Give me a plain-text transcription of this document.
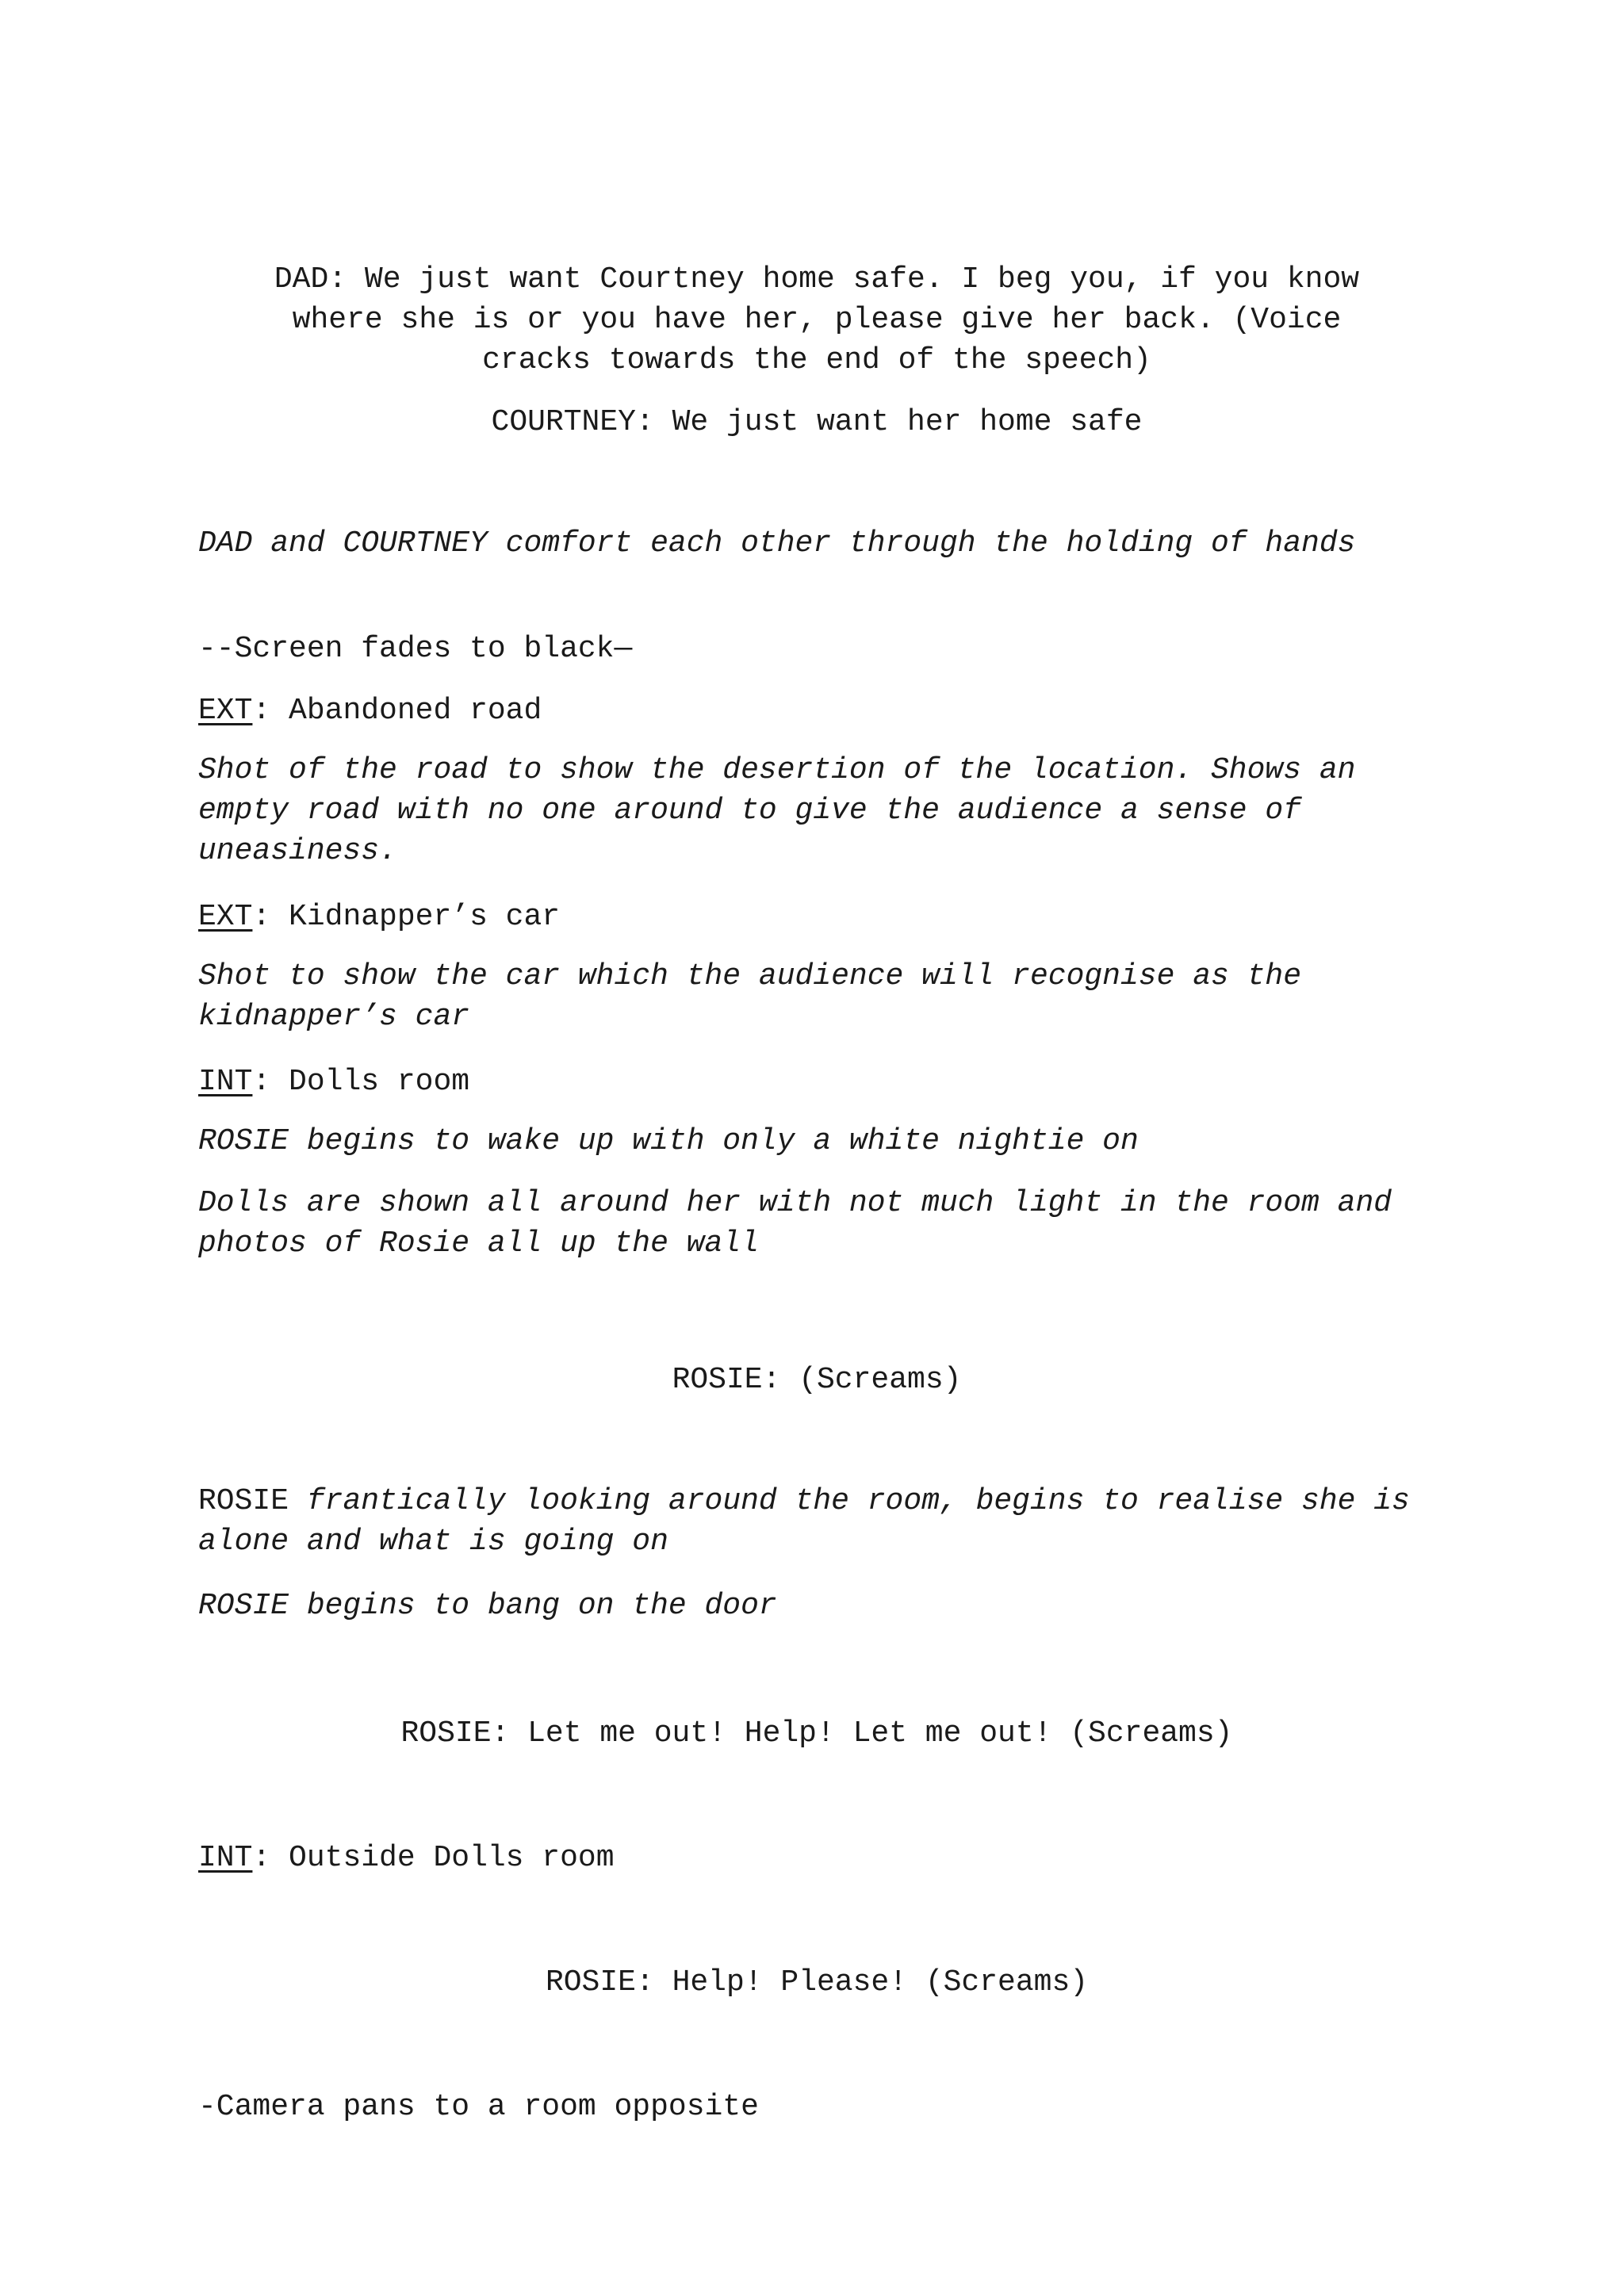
DAD: We just want Courtney home safe. I beg you, if you know
where she is or you have her, please give her back. (Voice
cracks towards the end of the speech)
COURTNEY: We just want her home safe
DAD and COURTNEY comfort each other through the holding of hands
--Screen fades to black—
EXT: Abandoned road
Shot of the road to show the desertion of the location. Shows an empty road with no one around to give the audience a sense of uneasiness.
EXT: Kidnapper’s car
Shot to show the car which the audience will recognise as the kidnapper’s car
INT: Dolls room
ROSIE begins to wake up with only a white nightie on
Dolls are shown all around her with not much light in the room and photos of Rosie all up the wall
ROSIE: (Screams)
ROSIE frantically looking around the room, begins to realise she is alone and what is going on
ROSIE begins to bang on the door
ROSIE: Let me out! Help! Let me out! (Screams)
INT: Outside Dolls room
ROSIE: Help! Please! (Screams)
-Camera pans to a room opposite
